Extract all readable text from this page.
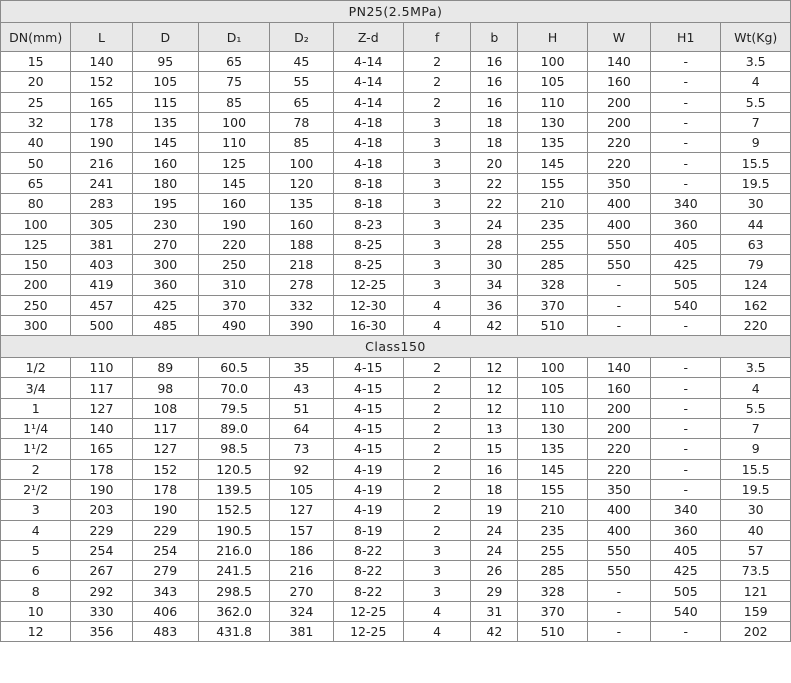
PN25(2.5MPa)											
DN(mm)	L	D	D₁	D₂	Z-d	f	b	H	W	H1	Wt(Kg)
15	140	95	65	45	4-14	2	16	100	140	-	3.5
20	152	105	75	55	4-14	2	16	105	160	-	4
25	165	115	85	65	4-14	2	16	110	200	-	5.5
32	178	135	100	78	4-18	3	18	130	200	-	7
40	190	145	110	85	4-18	3	18	135	220	-	9
50	216	160	125	100	4-18	3	20	145	220	-	15.5
65	241	180	145	120	8-18	3	22	155	350	-	19.5
80	283	195	160	135	8-18	3	22	210	400	340	30
100	305	230	190	160	8-23	3	24	235	400	360	44
125	381	270	220	188	8-25	3	28	255	550	405	63
150	403	300	250	218	8-25	3	30	285	550	425	79
200	419	360	310	278	12-25	3	34	328	-	505	124
250	457	425	370	332	12-30	4	36	370	-	540	162
300	500	485	490	390	16-30	4	42	510	-	-	220
Class150											
1/2	110	89	60.5	35	4-15	2	12	100	140	-	3.5
3/4	117	98	70.0	43	4-15	2	12	105	160	-	4
1	127	108	79.5	51	4-15	2	12	110	200	-	5.5
1¹/4	140	117	89.0	64	4-15	2	13	130	200	-	7
1¹/2	165	127	98.5	73	4-15	2	15	135	220	-	9
2	178	152	120.5	92	4-19	2	16	145	220	-	15.5
2¹/2	190	178	139.5	105	4-19	2	18	155	350	-	19.5
3	203	190	152.5	127	4-19	2	19	210	400	340	30
4	229	229	190.5	157	8-19	2	24	235	400	360	40
5	254	254	216.0	186	8-22	3	24	255	550	405	57
6	267	279	241.5	216	8-22	3	26	285	550	425	73.5
8	292	343	298.5	270	8-22	3	29	328	-	505	121
10	330	406	362.0	324	12-25	4	31	370	-	540	159
12	356	483	431.8	381	12-25	4	42	510	-	-	202
